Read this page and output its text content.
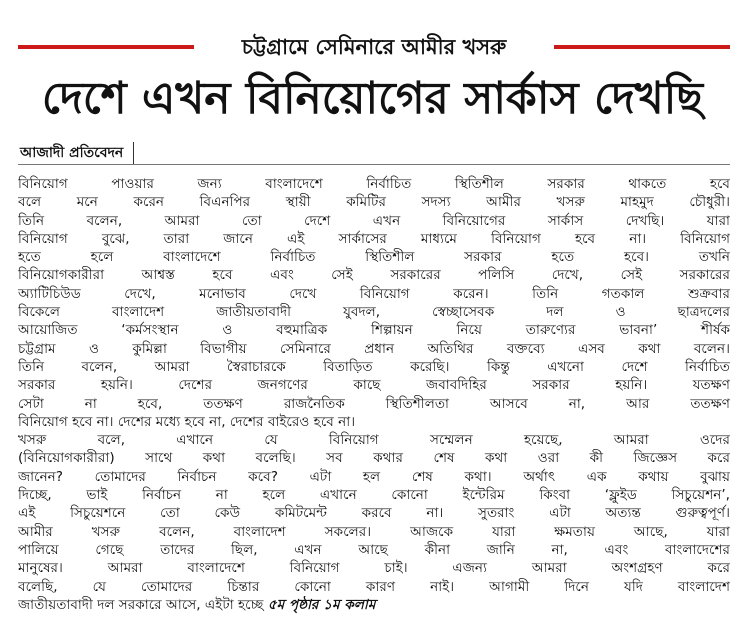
চট্টগ্রামে সেমিনারে আমীর খসরু
দেশে এখন বিনিয়োগের সার্কাস দেখছি
আজাদী প্রতিবেদন
বিনিয়োগ পাওয়ার জন্য বাংলাদেশে নির্বাচিত স্থিতিশীল সরকার থাকতে হবে
বলে মনে করেন বিএনপির স্থায়ী কমিটির সদস্য আমীর খসরু মাহমুদ চৌধুরী।
তিনি বলেন, আমরা তো দেশে এখন বিনিয়োগের সার্কাস দেখছি। যারা
বিনিয়োগ বুঝে, তারা জানে এই সার্কাসের মাধ্যমে বিনিয়োগ হবে না। বিনিয়োগ
হতে হলে বাংলাদেশে নির্বাচিত স্থিতিশীল সরকার হতে হবে। তখনি
বিনিয়োগকারীরা আশ্বস্ত হবে এবং সেই সরকারের পলিসি দেখে, সেই সরকারের
অ্যাটিচিউড দেখে, মনোভাব দেখে বিনিয়োগ করেন। তিনি গতকাল শুক্রবার
বিকেলে বাংলাদেশ জাতীয়তাবাদী যুবদল, স্বেচ্ছাসেবক দল ও ছাত্রদলের
আয়োজিত ‘কর্মসংস্থান ও বহুমাত্রিক শিল্পায়ন নিয়ে তারুণ্যের ভাবনা’ শীর্ষক
চট্টগ্রাম ও কুমিল্লা বিভাগীয় সেমিনারে প্রধান অতিথির বক্তব্যে এসব কথা বলেন।
তিনি বলেন, আমরা স্বৈরাচারকে বিতাড়িত করেছি। কিন্তু এখনো দেশে নির্বাচিত
সরকার হয়নি। দেশের জনগণের কাছে জবাবদিহির সরকার হয়নি। যতক্ষণ
সেটা না হবে, ততক্ষণ রাজনৈতিক স্থিতিশীলতা আসবে না, আর ততক্ষণ
বিনিয়োগ হবে না। দেশের মধ্যে হবে না, দেশের বাইরেও হবে না।
খসরু বলে, এখানে যে বিনিয়োগ সম্মেলন হয়েছে, আমরা ওদের
(বিনিয়োগকারীরা) সাথে কথা বলেছি। সব কথার শেষ কথা ওরা কী জিজ্ঞেস করে
জানেন? তোমাদের নির্বাচন কবে? এটা হল শেষ কথা। অর্থাৎ এক কথায় বুঝায়
দিচ্ছে, ভাই নির্বাচন না হলে এখানে কোনো ইন্টেরিম কিংবা ‘ফ্লুইড সিচুয়েশন’,
এই সিচুয়েশনে তো কেউ কমিটমেন্ট করবে না। সুতরাং এটা অত্যন্ত গুরুত্বপূর্ণ।
আমীর খসরু বলেন, বাংলাদেশ সকলের। আজকে যারা ক্ষমতায় আছে, যারা
পালিয়ে গেছে তাদের ছিল, এখন আছে কীনা জানি না, এবং বাংলাদেশের
মানুষের। আমরা বাংলাদেশে বিনিয়োগ চাই। এজন্য আমরা অংশগ্রহণ করে
বলেছি, যে তোমাদের চিন্তার কোনো কারণ নাই। আগামী দিনে যদি বাংলাদেশ
জাতীয়তাবাদী দল সরকারে আসে, এইটা হচ্ছে ৫ম পৃষ্ঠার ১ম কলাম
